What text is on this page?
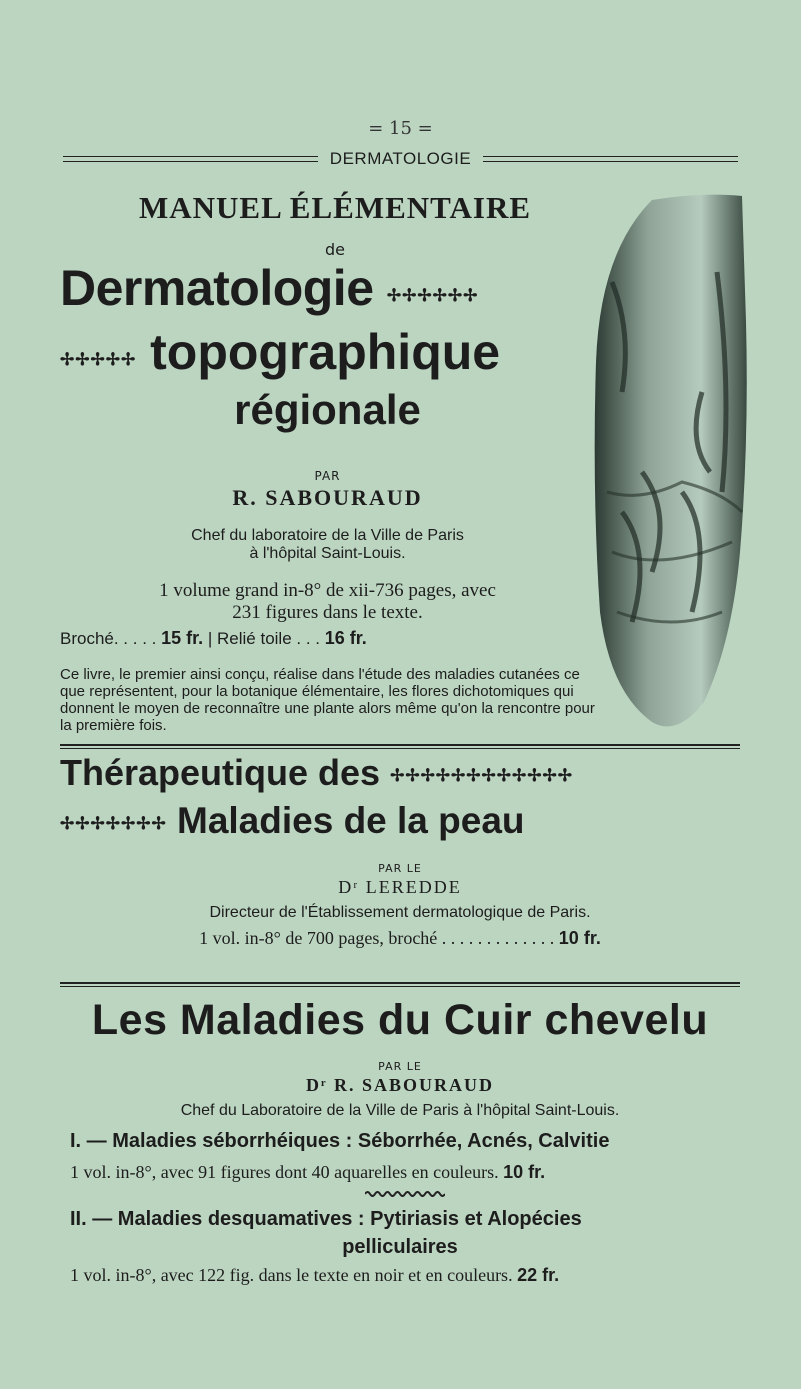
= 15 =
DERMATOLOGIE
MANUEL ÉLÉMENTAIRE
de
Dermatologie ✢✢✢✢✢✢
✢✢✢✢✢ topographique
régionale
PAR
R. SABOURAUD
Chef du laboratoire de la Ville de Paris
à l'hôpital Saint-Louis.
1 volume grand in-8° de xii-736 pages, avec
231 figures dans le texte.
Broché. . . . . 15 fr. | Relié toile . . . 16 fr.
Ce livre, le premier ainsi conçu, réalise dans l'étude des maladies cutanées ce que représentent, pour la botanique élémentaire, les flores dichotomiques qui donnent le moyen de reconnaître une plante alors même qu'on la rencontre pour la première fois.
Thérapeutique des ✢✢✢✢✢✢✢✢✢✢✢✢
✢✢✢✢✢✢✢ Maladies de la peau
PAR LE
Dʳ LEREDDE
Directeur de l'Établissement dermatologique de Paris.
1 vol. in-8° de 700 pages, broché . . . . . . . . . . . . . 10 fr.
Les Maladies du Cuir chevelu
PAR LE
Dʳ R. SABOURAUD
Chef du Laboratoire de la Ville de Paris à l'hôpital Saint-Louis.
I. — Maladies séborrhéiques : Séborrhée, Acnés, Calvitie
1 vol. in-8°, avec 91 figures dont 40 aquarelles en couleurs. 10 fr.
II. — Maladies desquamatives : Pytiriasis et Alopécies
pelliculaires
1 vol. in-8°, avec 122 fig. dans le texte en noir et en couleurs. 22 fr.
